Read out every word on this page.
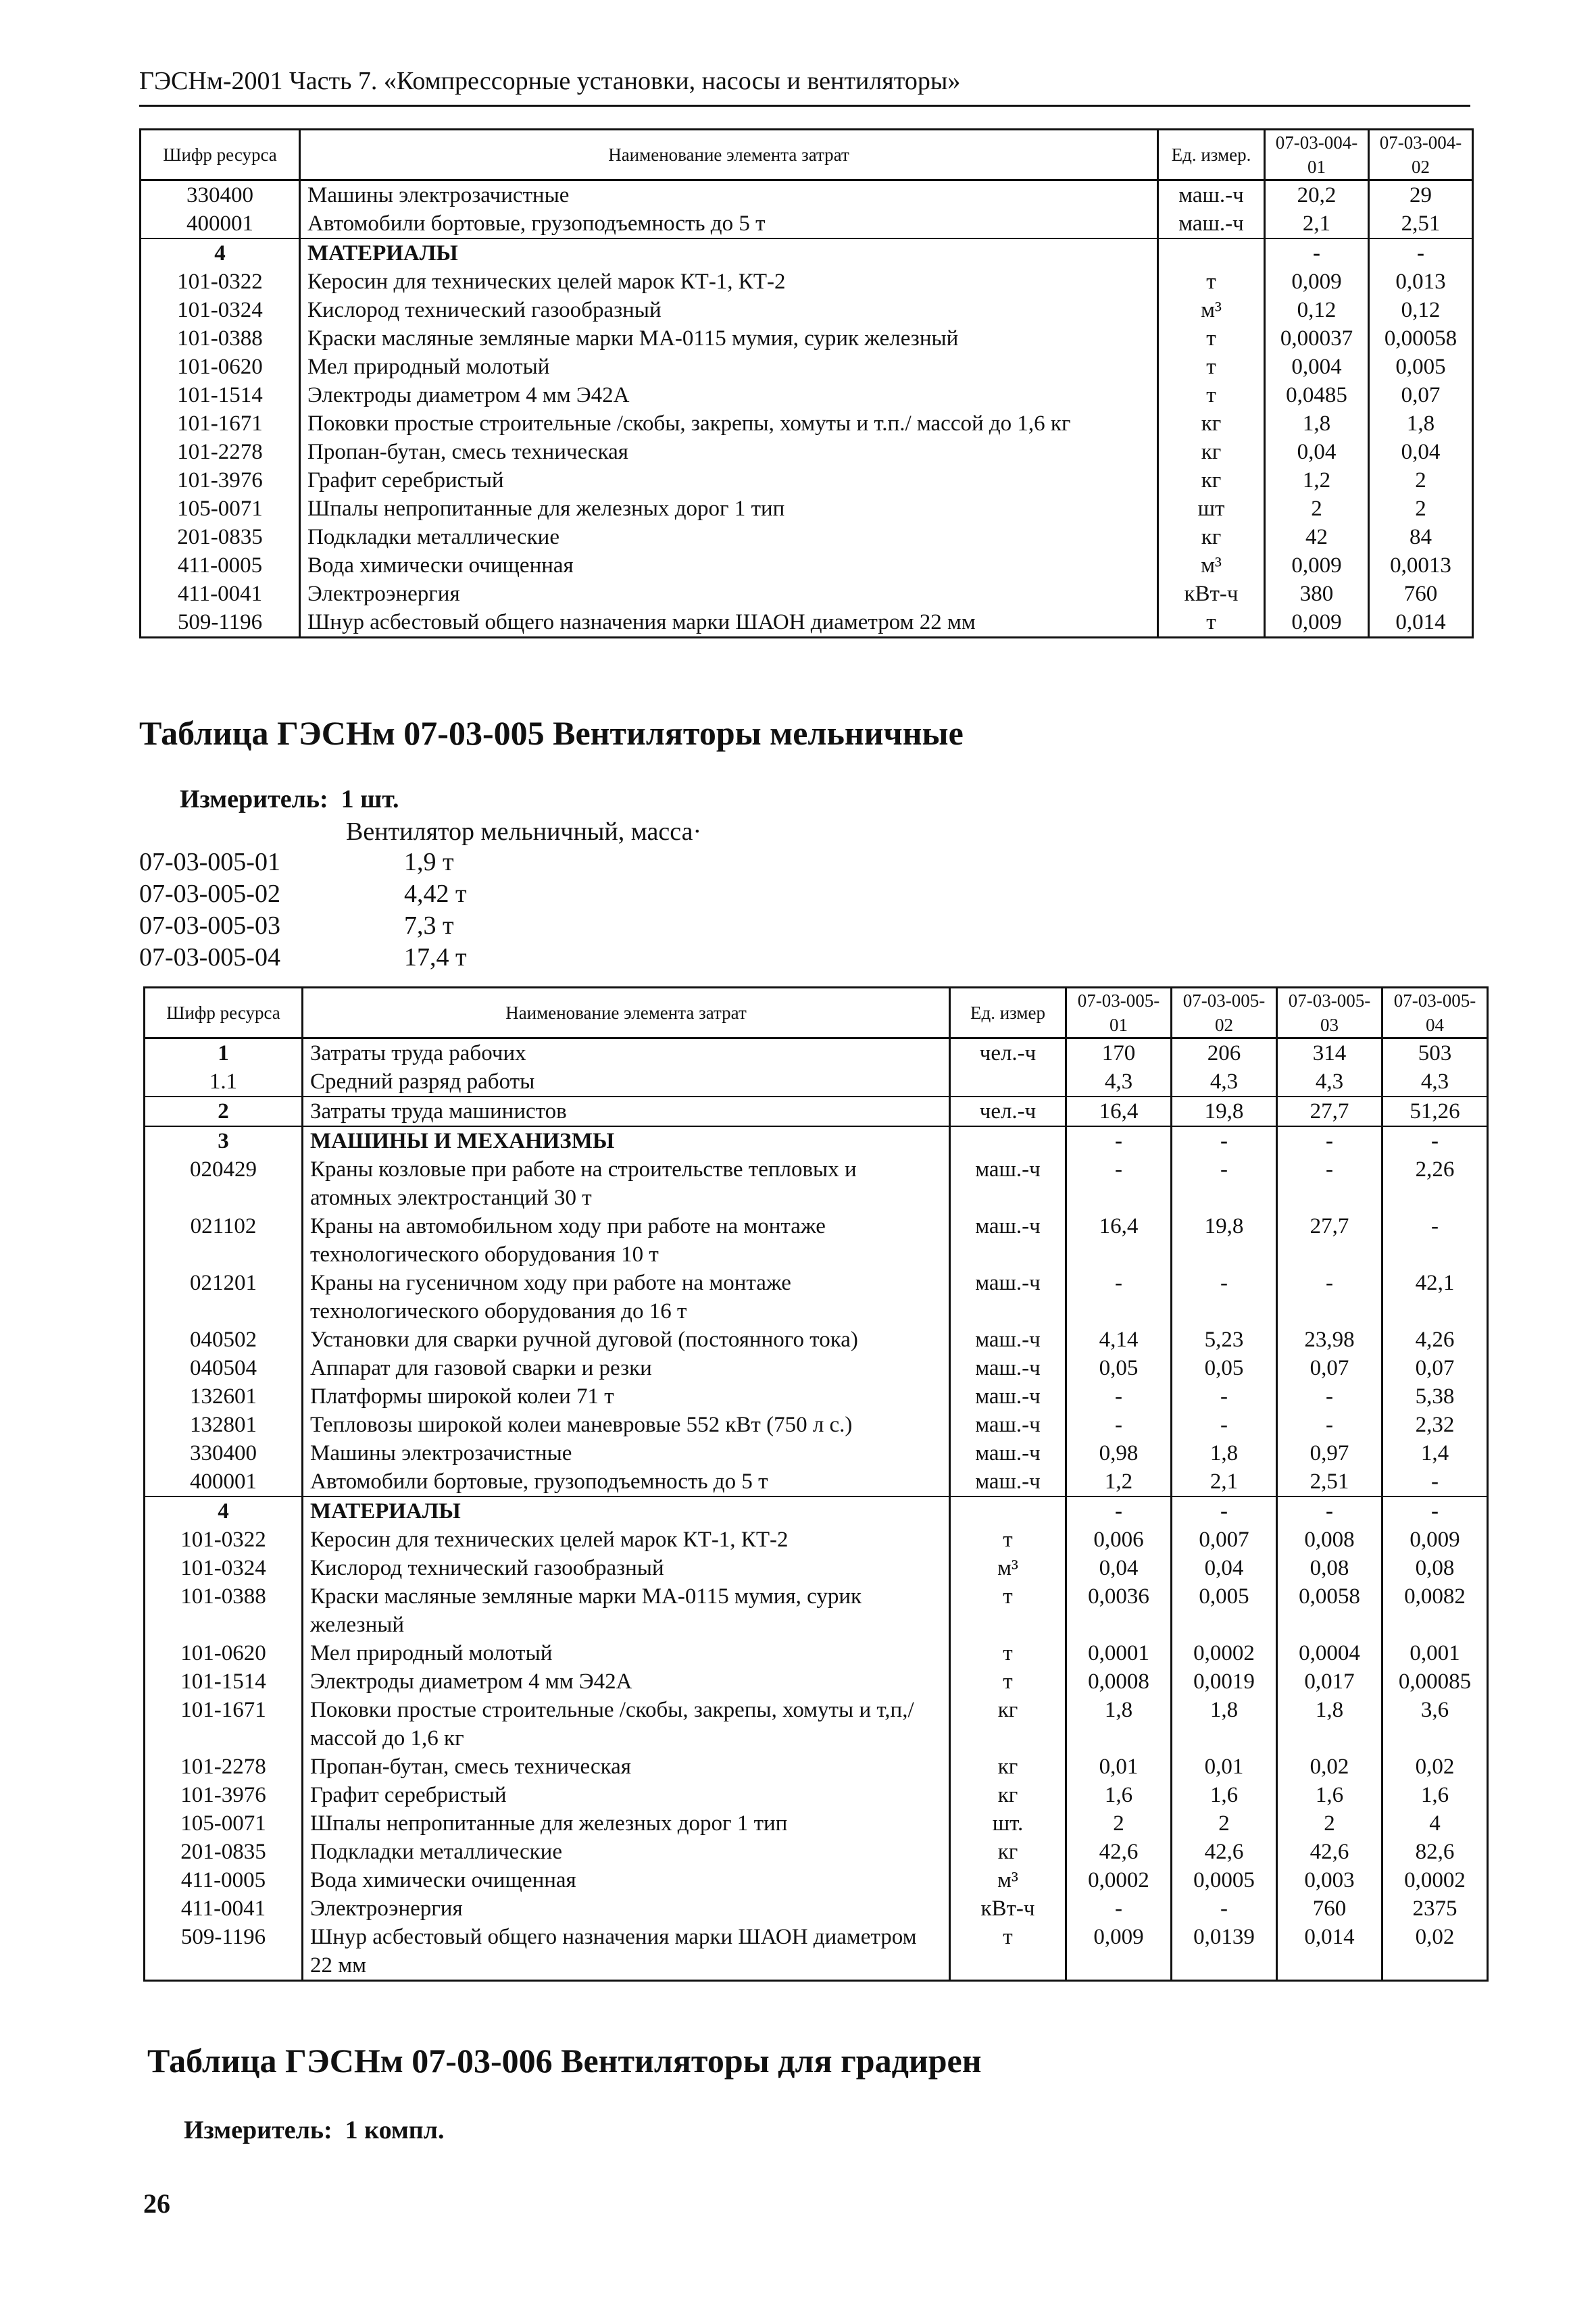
ГЭСНм-2001 Часть 7. «Компрессорные установки, насосы и вентиляторы»
Шифр ресурса	Наименование элемента затрат	Ед. измер.	07-03-004-01	07-03-004-02
330400	Машины электрозачистные	маш.-ч	20,2	29
400001	Автомобили бортовые, грузоподъемность до 5 т	маш.-ч	2,1	2,51
4	МАТЕРИАЛЫ		-	-
101-0322	Керосин для технических целей марок КТ-1, КТ-2	т	0,009	0,013
101-0324	Кислород технический газообразный	м³	0,12	0,12
101-0388	Краски масляные земляные марки МА-0115 мумия, сурик железный	т	0,00037	0,00058
101-0620	Мел природный молотый	т	0,004	0,005
101-1514	Электроды диаметром 4 мм Э42А	т	0,0485	0,07
101-1671	Поковки простые строительные /скобы, закрепы, хомуты и т.п./ массой до 1,6 кг	кг	1,8	1,8
101-2278	Пропан-бутан, смесь техническая	кг	0,04	0,04
101-3976	Графит серебристый	кг	1,2	2
105-0071	Шпалы непропитанные для железных дорог 1 тип	шт	2	2
201-0835	Подкладки металлические	кг	42	84
411-0005	Вода химически очищенная	м³	0,009	0,0013
411-0041	Электроэнергия	кВт-ч	380	760
509-1196	Шнур асбестовый общего назначения марки ШАОН диаметром 22 мм	т	0,009	0,014
Таблица ГЭСНм 07-03-005 Вентиляторы мельничные
Измеритель: 1 шт.
Вентилятор мельничный, масса·
07-03-005-01	1,9 т
07-03-005-02	4,42 т
07-03-005-03	7,3 т
07-03-005-04	17,4 т
Шифр ресурса	Наименование элемента затрат	Ед. измер	07-03-005-01	07-03-005-02	07-03-005-03	07-03-005-04
1	Затраты труда рабочих	чел.-ч	170	206	314	503
1.1	Средний разряд работы		4,3	4,3	4,3	4,3
2	Затраты труда машинистов	чел.-ч	16,4	19,8	27,7	51,26
3	МАШИНЫ И МЕХАНИЗМЫ		-	-	-	-
020429	Краны козловые при работе на строительстве тепловых и атомных электростанций 30 т	маш.-ч	-	-	-	2,26
021102	Краны на автомобильном ходу при работе на монтаже технологического оборудования 10 т	маш.-ч	16,4	19,8	27,7	-
021201	Краны на гусеничном ходу при работе на монтаже технологического оборудования до 16 т	маш.-ч	-	-	-	42,1
040502	Установки для сварки ручной дуговой (постоянного тока)	маш.-ч	4,14	5,23	23,98	4,26
040504	Аппарат для газовой сварки и резки	маш.-ч	0,05	0,05	0,07	0,07
132601	Платформы широкой колеи 71 т	маш.-ч	-	-	-	5,38
132801	Тепловозы широкой колеи маневровые 552 кВт (750 л с.)	маш.-ч	-	-	-	2,32
330400	Машины электрозачистные	маш.-ч	0,98	1,8	0,97	1,4
400001	Автомобили бортовые, грузоподъемность до 5 т	маш.-ч	1,2	2,1	2,51	-
4	МАТЕРИАЛЫ		-	-	-	-
101-0322	Керосин для технических целей марок КТ-1, КТ-2	т	0,006	0,007	0,008	0,009
101-0324	Кислород технический газообразный	м³	0,04	0,04	0,08	0,08
101-0388	Краски масляные земляные марки МА-0115 мумия, сурик железный	т	0,0036	0,005	0,0058	0,0082
101-0620	Мел природный молотый	т	0,0001	0,0002	0,0004	0,001
101-1514	Электроды диаметром 4 мм Э42А	т	0,0008	0,0019	0,017	0,00085
101-1671	Поковки простые строительные /скобы, закрепы, хомуты и т,п,/ массой до 1,6 кг	кг	1,8	1,8	1,8	3,6
101-2278	Пропан-бутан, смесь техническая	кг	0,01	0,01	0,02	0,02
101-3976	Графит серебристый	кг	1,6	1,6	1,6	1,6
105-0071	Шпалы непропитанные для железных дорог 1 тип	шт.	2	2	2	4
201-0835	Подкладки металлические	кг	42,6	42,6	42,6	82,6
411-0005	Вода химически очищенная	м³	0,0002	0,0005	0,003	0,0002
411-0041	Электроэнергия	кВт-ч	-	-	760	2375
509-1196	Шнур асбестовый общего назначения марки ШАОН диаметром 22 мм	т	0,009	0,0139	0,014	0,02
Таблица ГЭСНм 07-03-006 Вентиляторы для градирен
Измеритель: 1 компл.
26
